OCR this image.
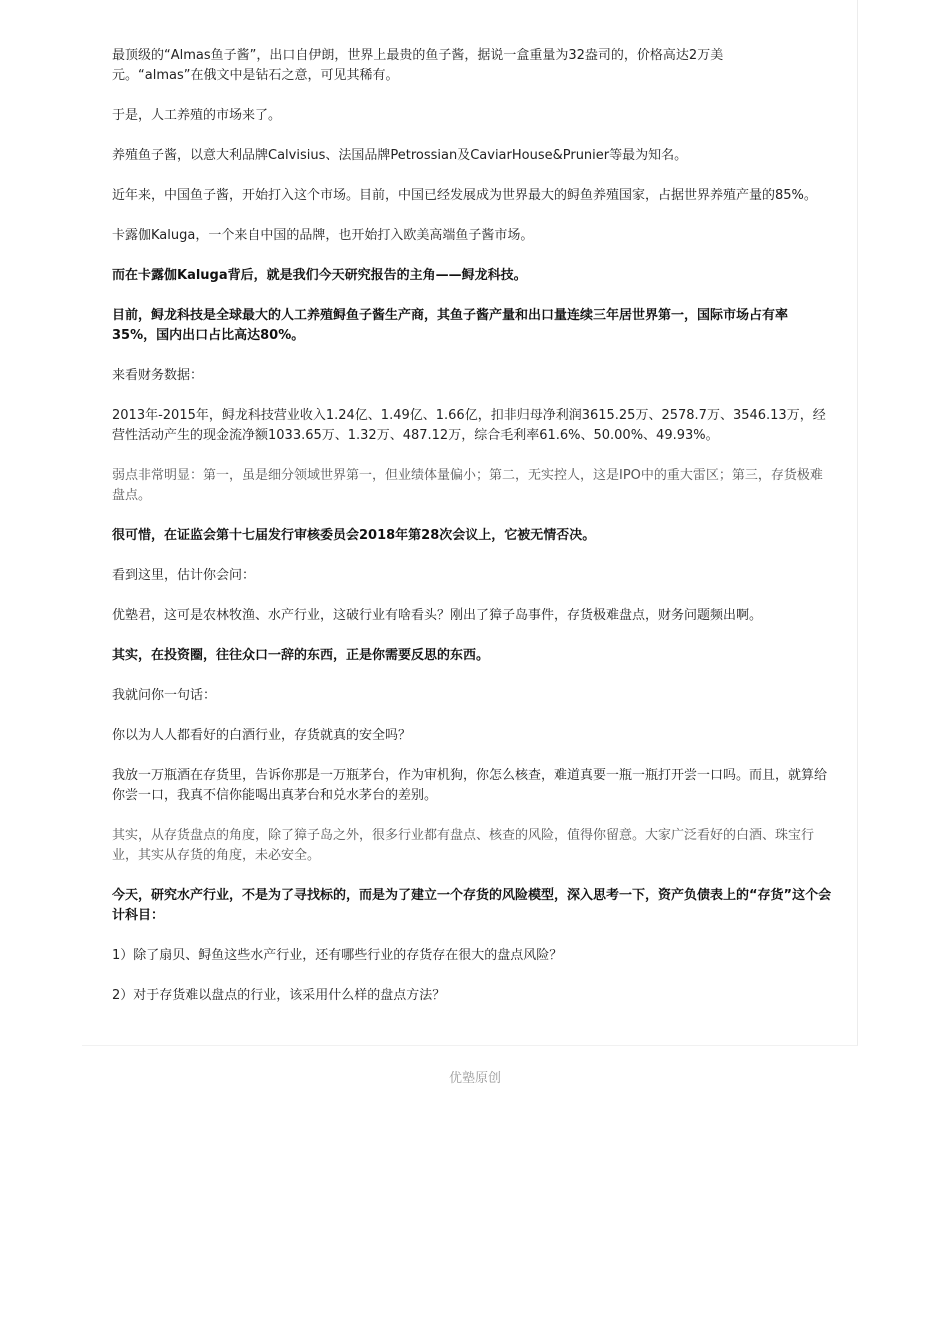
最顶级的“Almas鱼子酱”，出口自伊朗，世界上最贵的鱼子酱，据说一盒重量为32盎司的，价格高达2万美元。“almas”在俄文中是钻石之意，可见其稀有。

于是，人工养殖的市场来了。

养殖鱼子酱，以意大利品牌Calvisius、法国品牌Petrossian及CaviarHouse&Prunier等最为知名。

近年来，中国鱼子酱，开始打入这个市场。目前，中国已经发展成为世界最大的鲟鱼养殖国家，占据世界养殖产量的85%。

卡露伽Kaluga，一个来自中国的品牌，也开始打入欧美高端鱼子酱市场。

而在卡露伽Kaluga背后，就是我们今天研究报告的主角——鲟龙科技。

目前，鲟龙科技是全球最大的人工养殖鲟鱼子酱生产商，其鱼子酱产量和出口量连续三年居世界第一，国际市场占有率35%，国内出口占比高达80%。

来看财务数据：

2013年-2015年，鲟龙科技营业收入1.24亿、1.49亿、1.66亿，扣非归母净利润3615.25万、2578.7万、3546.13万，经营性活动产生的现金流净额1033.65万、1.32万、487.12万，综合毛利率61.6%、50.00%、49.93%。

弱点非常明显：第一，虽是细分领域世界第一，但业绩体量偏小；第二，无实控人，这是IPO中的重大雷区；第三，存货极难盘点。

很可惜，在证监会第十七届发行审核委员会2018年第28次会议上，它被无情否决。

看到这里，估计你会问：

优塾君，这可是农林牧渔、水产行业，这破行业有啥看头？刚出了獐子岛事件，存货极难盘点，财务问题频出啊。

其实，在投资圈，往往众口一辞的东西，正是你需要反思的东西。

我就问你一句话：

你以为人人都看好的白酒行业，存货就真的安全吗？

我放一万瓶酒在存货里，告诉你那是一万瓶茅台，作为审机狗，你怎么核查，难道真要一瓶一瓶打开尝一口吗。而且，就算给你尝一口，我真不信你能喝出真茅台和兑水茅台的差别。

其实，从存货盘点的角度，除了獐子岛之外，很多行业都有盘点、核查的风险，值得你留意。大家广泛看好的白酒、珠宝行业，其实从存货的角度，未必安全。

今天，研究水产行业，不是为了寻找标的，而是为了建立一个存货的风险模型，深入思考一下，资产负债表上的“存货”这个会计科目：

1）除了扇贝、鲟鱼这些水产行业，还有哪些行业的存货存在很大的盘点风险？

2）对于存货难以盘点的行业，该采用什么样的盘点方法？

优塾原创
